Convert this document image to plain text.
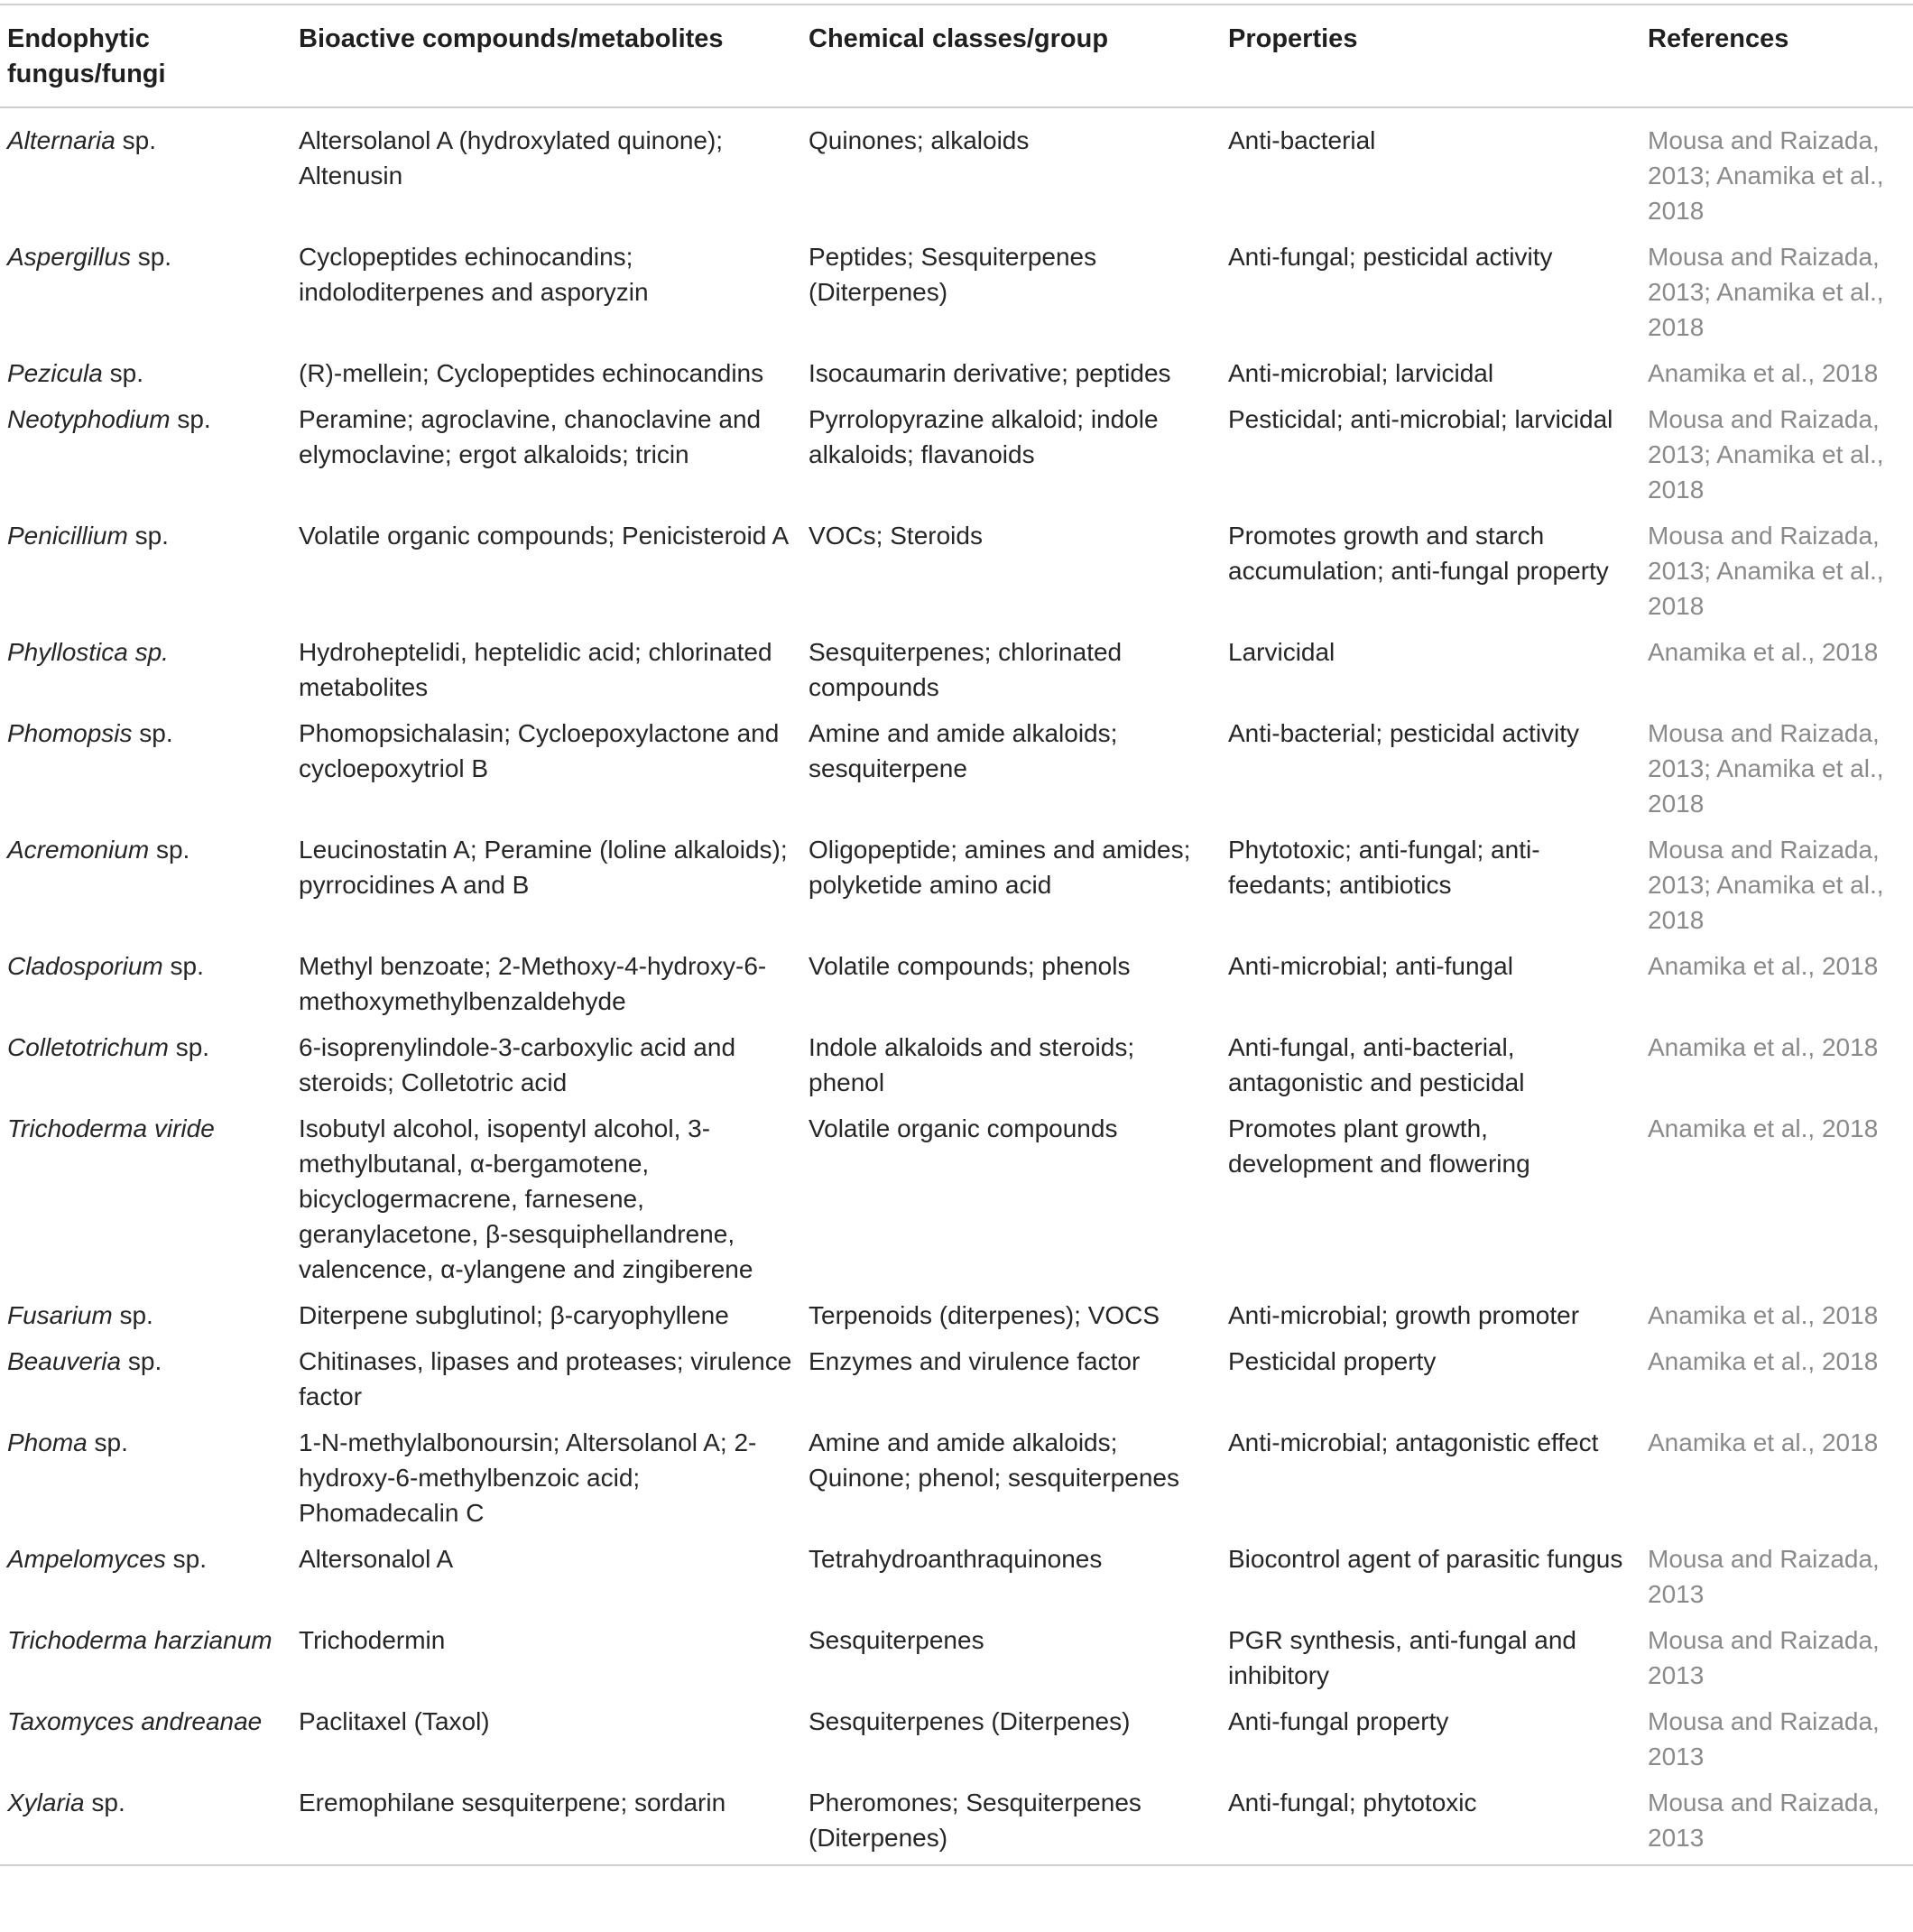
Endophytic fungus/fungi	Bioactive compounds/metabolites	Chemical classes/group	Properties	References
Alternaria sp.	Altersolanol A (hydroxylated quinone); Altenusin	Quinones; alkaloids	Anti-bacterial	Mousa and Raizada, 2013; Anamika et al., 2018
Aspergillus sp.	Cyclopeptides echinocandins; indoloditerpenes and asporyzin	Peptides; Sesquiterpenes (Diterpenes)	Anti-fungal; pesticidal activity	Mousa and Raizada, 2013; Anamika et al., 2018
Pezicula sp.	(R)-mellein; Cyclopeptides echinocandins	Isocaumarin derivative; peptides	Anti-microbial; larvicidal	Anamika et al., 2018
Neotyphodium sp.	Peramine; agroclavine, chanoclavine and elymoclavine; ergot alkaloids; tricin	Pyrrolopyrazine alkaloid; indole alkaloids; flavanoids	Pesticidal; anti-microbial; larvicidal	Mousa and Raizada, 2013; Anamika et al., 2018
Penicillium sp.	Volatile organic compounds; Penicisteroid A	VOCs; Steroids	Promotes growth and starch accumulation; anti-fungal property	Mousa and Raizada, 2013; Anamika et al., 2018
Phyllostica sp.	Hydroheptelidi, heptelidic acid; chlorinated metabolites	Sesquiterpenes; chlorinated compounds	Larvicidal	Anamika et al., 2018
Phomopsis sp.	Phomopsichalasin; Cycloepoxylactone and cycloepoxytriol B	Amine and amide alkaloids; sesquiterpene	Anti-bacterial; pesticidal activity	Mousa and Raizada, 2013; Anamika et al., 2018
Acremonium sp.	Leucinostatin A; Peramine (loline alkaloids); pyrrocidines A and B	Oligopeptide; amines and amides; polyketide amino acid	Phytotoxic; anti-fungal; anti-feedants; antibiotics	Mousa and Raizada, 2013; Anamika et al., 2018
Cladosporium sp.	Methyl benzoate; 2-Methoxy-4-hydroxy-6-methoxymethylbenzaldehyde	Volatile compounds; phenols	Anti-microbial; anti-fungal	Anamika et al., 2018
Colletotrichum sp.	6-isoprenylindole-3-carboxylic acid and steroids; Colletotric acid	Indole alkaloids and steroids; phenol	Anti-fungal, anti-bacterial, antagonistic and pesticidal	Anamika et al., 2018
Trichoderma viride	Isobutyl alcohol, isopentyl alcohol, 3-methylbutanal, α-bergamotene, bicyclogermacrene, farnesene, geranylacetone, β-sesquiphellandrene, valencence, α-ylangene and zingiberene	Volatile organic compounds	Promotes plant growth, development and flowering	Anamika et al., 2018
Fusarium sp.	Diterpene subglutinol; β-caryophyllene	Terpenoids (diterpenes); VOCS	Anti-microbial; growth promoter	Anamika et al., 2018
Beauveria sp.	Chitinases, lipases and proteases; virulence factor	Enzymes and virulence factor	Pesticidal property	Anamika et al., 2018
Phoma sp.	1-N-methylalbonoursin; Altersolanol A; 2-hydroxy-6-methylbenzoic acid; Phomadecalin C	Amine and amide alkaloids; Quinone; phenol; sesquiterpenes	Anti-microbial; antagonistic effect	Anamika et al., 2018
Ampelomyces sp.	Altersonalol A	Tetrahydroanthraquinones	Biocontrol agent of parasitic fungus	Mousa and Raizada, 2013
Trichoderma harzianum	Trichodermin	Sesquiterpenes	PGR synthesis, anti-fungal and inhibitory	Mousa and Raizada, 2013
Taxomyces andreanae	Paclitaxel (Taxol)	Sesquiterpenes (Diterpenes)	Anti-fungal property	Mousa and Raizada, 2013
Xylaria sp.	Eremophilane sesquiterpene; sordarin	Pheromones; Sesquiterpenes (Diterpenes)	Anti-fungal; phytotoxic	Mousa and Raizada, 2013
